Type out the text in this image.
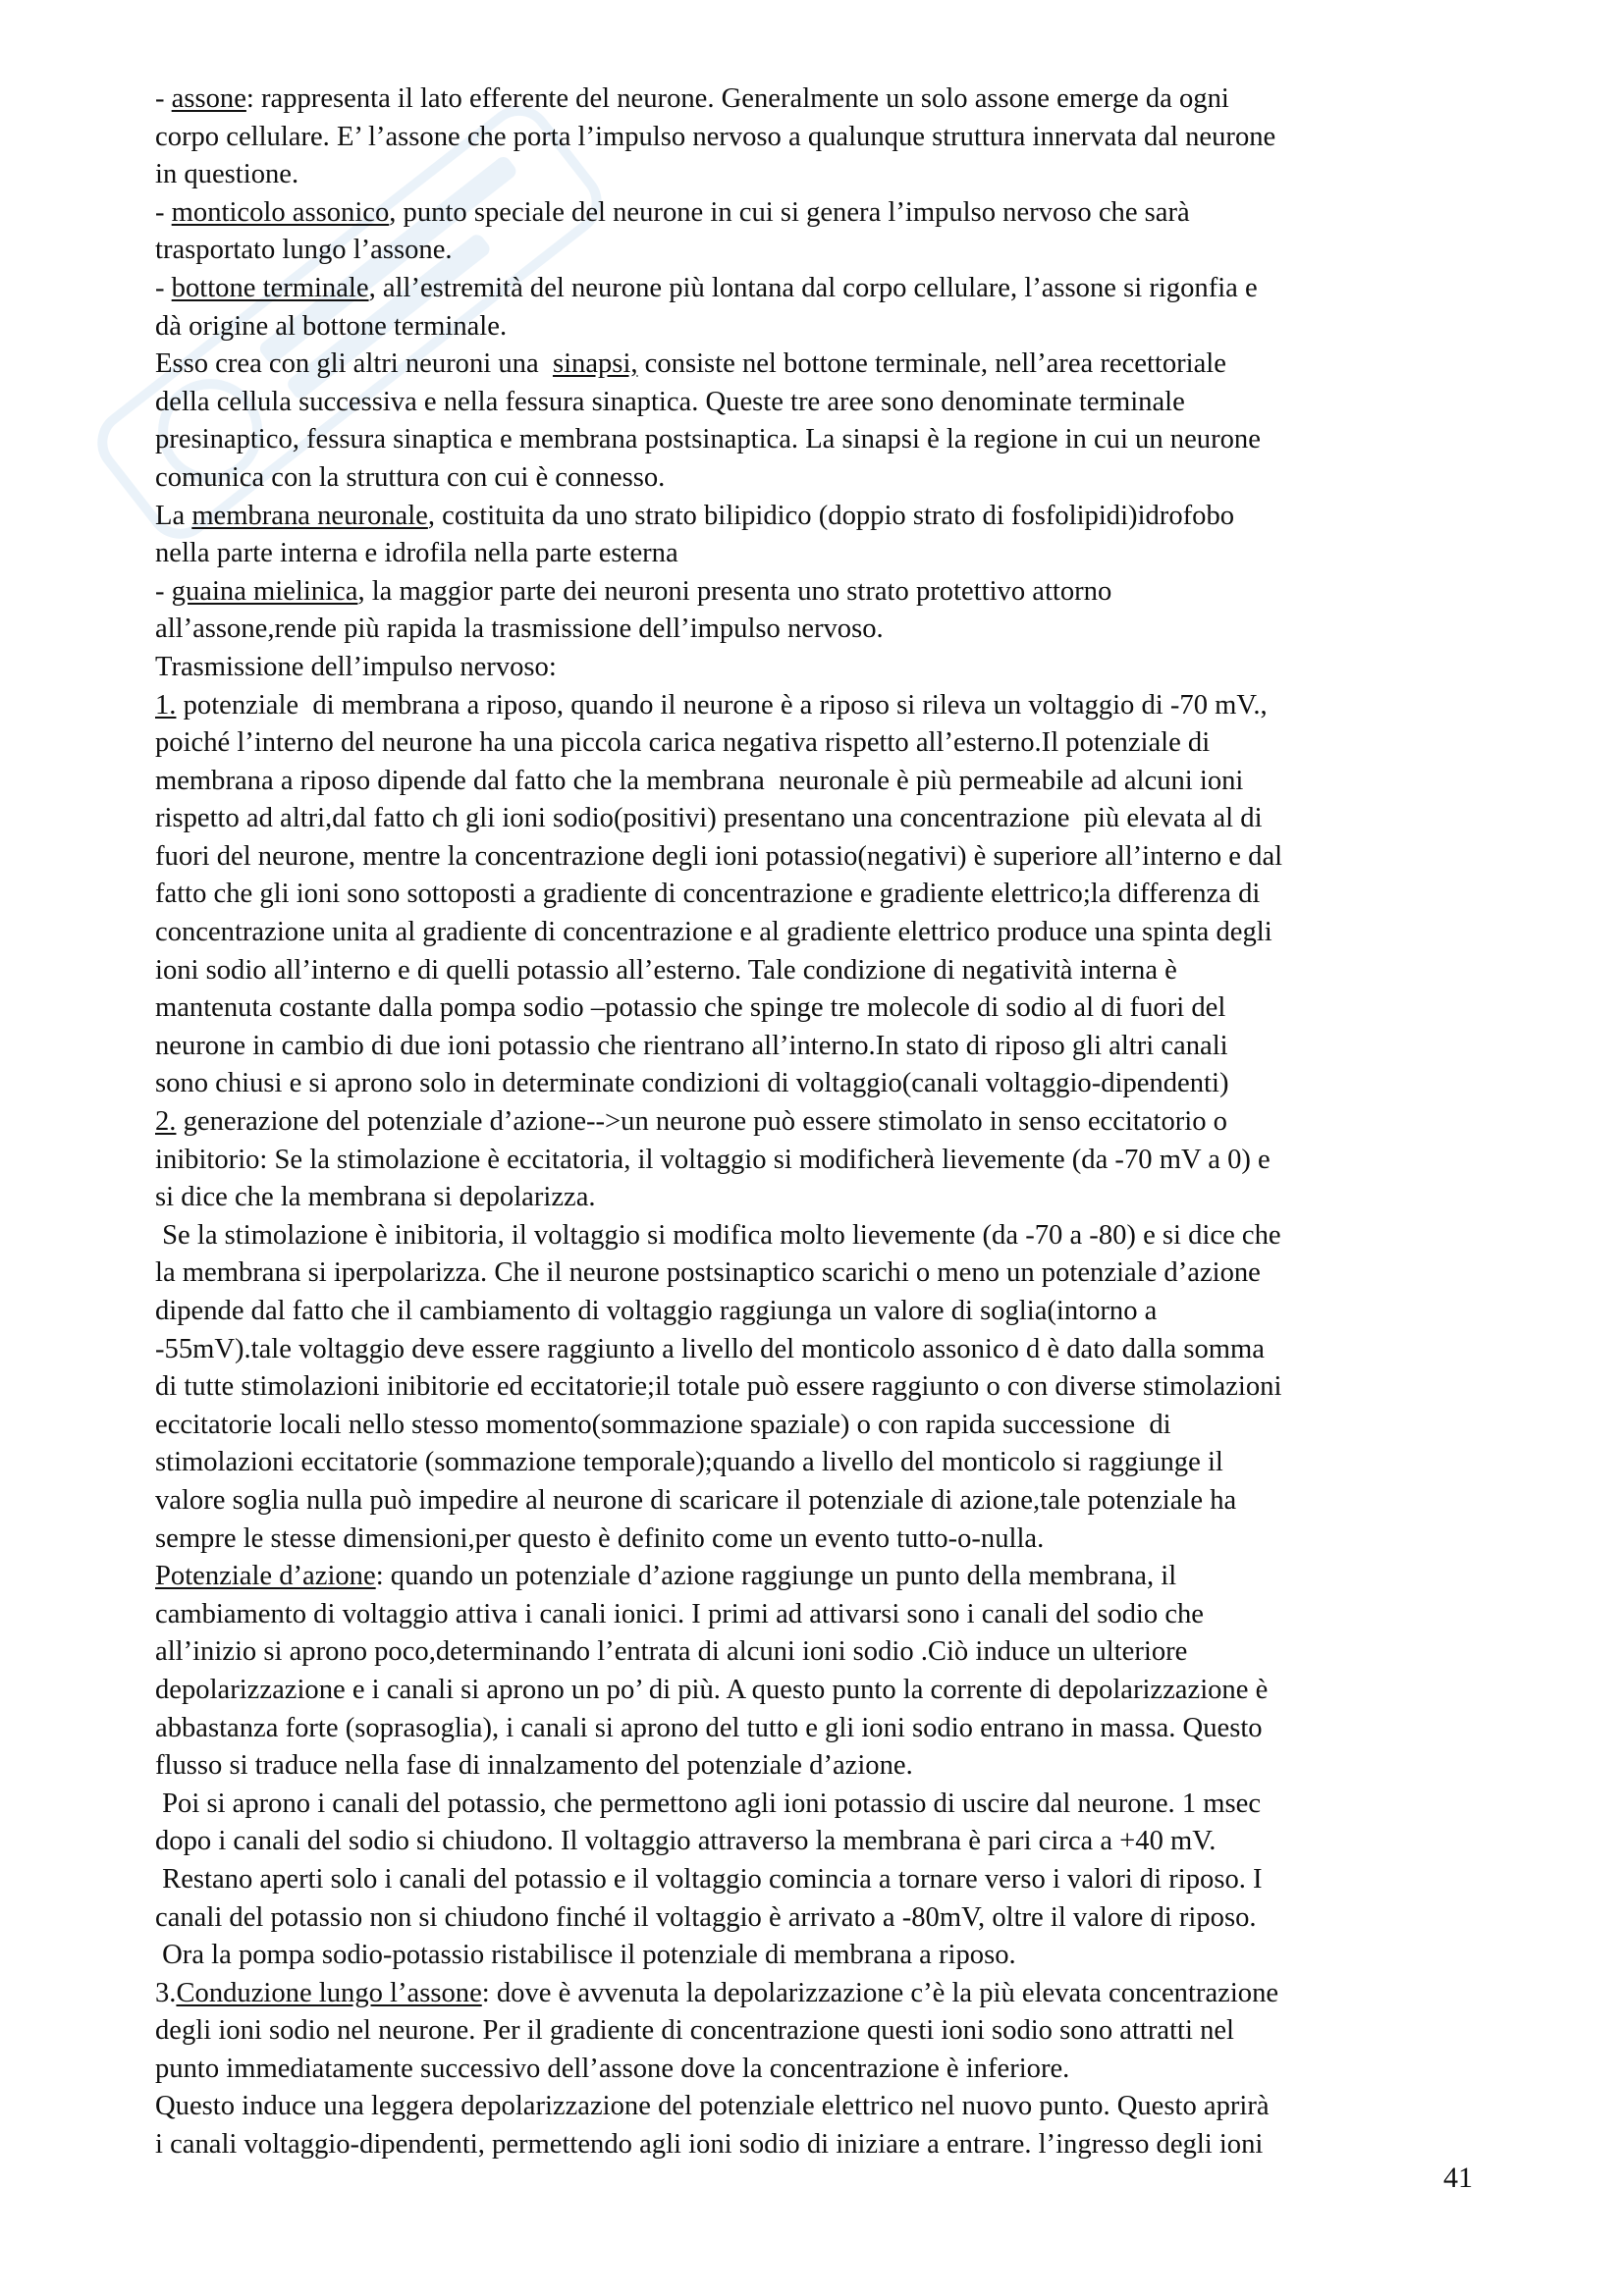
- assone: rappresenta il lato efferente del neurone. Generalmente un solo assone emerge da ogni
corpo cellulare. E’ l’assone che porta l’impulso nervoso a qualunque struttura innervata dal neurone
in questione.
- monticolo assonico, punto speciale del neurone in cui si genera l’impulso nervoso che sarà
trasportato lungo l’assone.
- bottone terminale, all’estremità del neurone più lontana dal corpo cellulare, l’assone si rigonfia e
dà origine al bottone terminale.
Esso crea con gli altri neuroni una  sinapsi, consiste nel bottone terminale, nell’area recettoriale
della cellula successiva e nella fessura sinaptica. Queste tre aree sono denominate terminale
presinaptico, fessura sinaptica e membrana postsinaptica. La sinapsi è la regione in cui un neurone
comunica con la struttura con cui è connesso.
La membrana neuronale, costituita da uno strato bilipidico (doppio strato di fosfolipidi)idrofobo
nella parte interna e idrofila nella parte esterna
- guaina mielinica, la maggior parte dei neuroni presenta uno strato protettivo attorno
all’assone,rende più rapida la trasmissione dell’impulso nervoso.
Trasmissione dell’impulso nervoso:
1. potenziale  di membrana a riposo, quando il neurone è a riposo si rileva un voltaggio di -70 mV.,
poiché l’interno del neurone ha una piccola carica negativa rispetto all’esterno.Il potenziale di
membrana a riposo dipende dal fatto che la membrana  neuronale è più permeabile ad alcuni ioni
rispetto ad altri,dal fatto ch gli ioni sodio(positivi) presentano una concentrazione  più elevata al di
fuori del neurone, mentre la concentrazione degli ioni potassio(negativi) è superiore all’interno e dal
fatto che gli ioni sono sottoposti a gradiente di concentrazione e gradiente elettrico;la differenza di
concentrazione unita al gradiente di concentrazione e al gradiente elettrico produce una spinta degli
ioni sodio all’interno e di quelli potassio all’esterno. Tale condizione di negatività interna è
mantenuta costante dalla pompa sodio –potassio che spinge tre molecole di sodio al di fuori del
neurone in cambio di due ioni potassio che rientrano all’interno.In stato di riposo gli altri canali
sono chiusi e si aprono solo in determinate condizioni di voltaggio(canali voltaggio-dipendenti)
2. generazione del potenziale d’azione-->un neurone può essere stimolato in senso eccitatorio o
inibitorio: Se la stimolazione è eccitatoria, il voltaggio si modificherà lievemente (da -70 mV a 0) e
si dice che la membrana si depolarizza.
Se la stimolazione è inibitoria, il voltaggio si modifica molto lievemente (da -70 a -80) e si dice che
la membrana si iperpolarizza. Che il neurone postsinaptico scarichi o meno un potenziale d’azione
dipende dal fatto che il cambiamento di voltaggio raggiunga un valore di soglia(intorno a
-55mV).tale voltaggio deve essere raggiunto a livello del monticolo assonico d è dato dalla somma
di tutte stimolazioni inibitorie ed eccitatorie;il totale può essere raggiunto o con diverse stimolazioni
eccitatorie locali nello stesso momento(sommazione spaziale) o con rapida successione  di
stimolazioni eccitatorie (sommazione temporale);quando a livello del monticolo si raggiunge il
valore soglia nulla può impedire al neurone di scaricare il potenziale di azione,tale potenziale ha
sempre le stesse dimensioni,per questo è definito come un evento tutto-o-nulla.
Potenziale d’azione: quando un potenziale d’azione raggiunge un punto della membrana, il
cambiamento di voltaggio attiva i canali ionici. I primi ad attivarsi sono i canali del sodio che
all’inizio si aprono poco,determinando l’entrata di alcuni ioni sodio .Ciò induce un ulteriore
depolarizzazione e i canali si aprono un po’ di più. A questo punto la corrente di depolarizzazione è
abbastanza forte (soprasoglia), i canali si aprono del tutto e gli ioni sodio entrano in massa. Questo
flusso si traduce nella fase di innalzamento del potenziale d’azione.
Poi si aprono i canali del potassio, che permettono agli ioni potassio di uscire dal neurone. 1 msec
dopo i canali del sodio si chiudono. Il voltaggio attraverso la membrana è pari circa a +40 mV.
Restano aperti solo i canali del potassio e il voltaggio comincia a tornare verso i valori di riposo. I
canali del potassio non si chiudono finché il voltaggio è arrivato a -80mV, oltre il valore di riposo.
Ora la pompa sodio-potassio ristabilisce il potenziale di membrana a riposo.
3.Conduzione lungo l’assone: dove è avvenuta la depolarizzazione c’è la più elevata concentrazione
degli ioni sodio nel neurone. Per il gradiente di concentrazione questi ioni sodio sono attratti nel
punto immediatamente successivo dell’assone dove la concentrazione è inferiore.
Questo induce una leggera depolarizzazione del potenziale elettrico nel nuovo punto. Questo aprirà
i canali voltaggio-dipendenti, permettendo agli ioni sodio di iniziare a entrare. l’ingresso degli ioni
41
